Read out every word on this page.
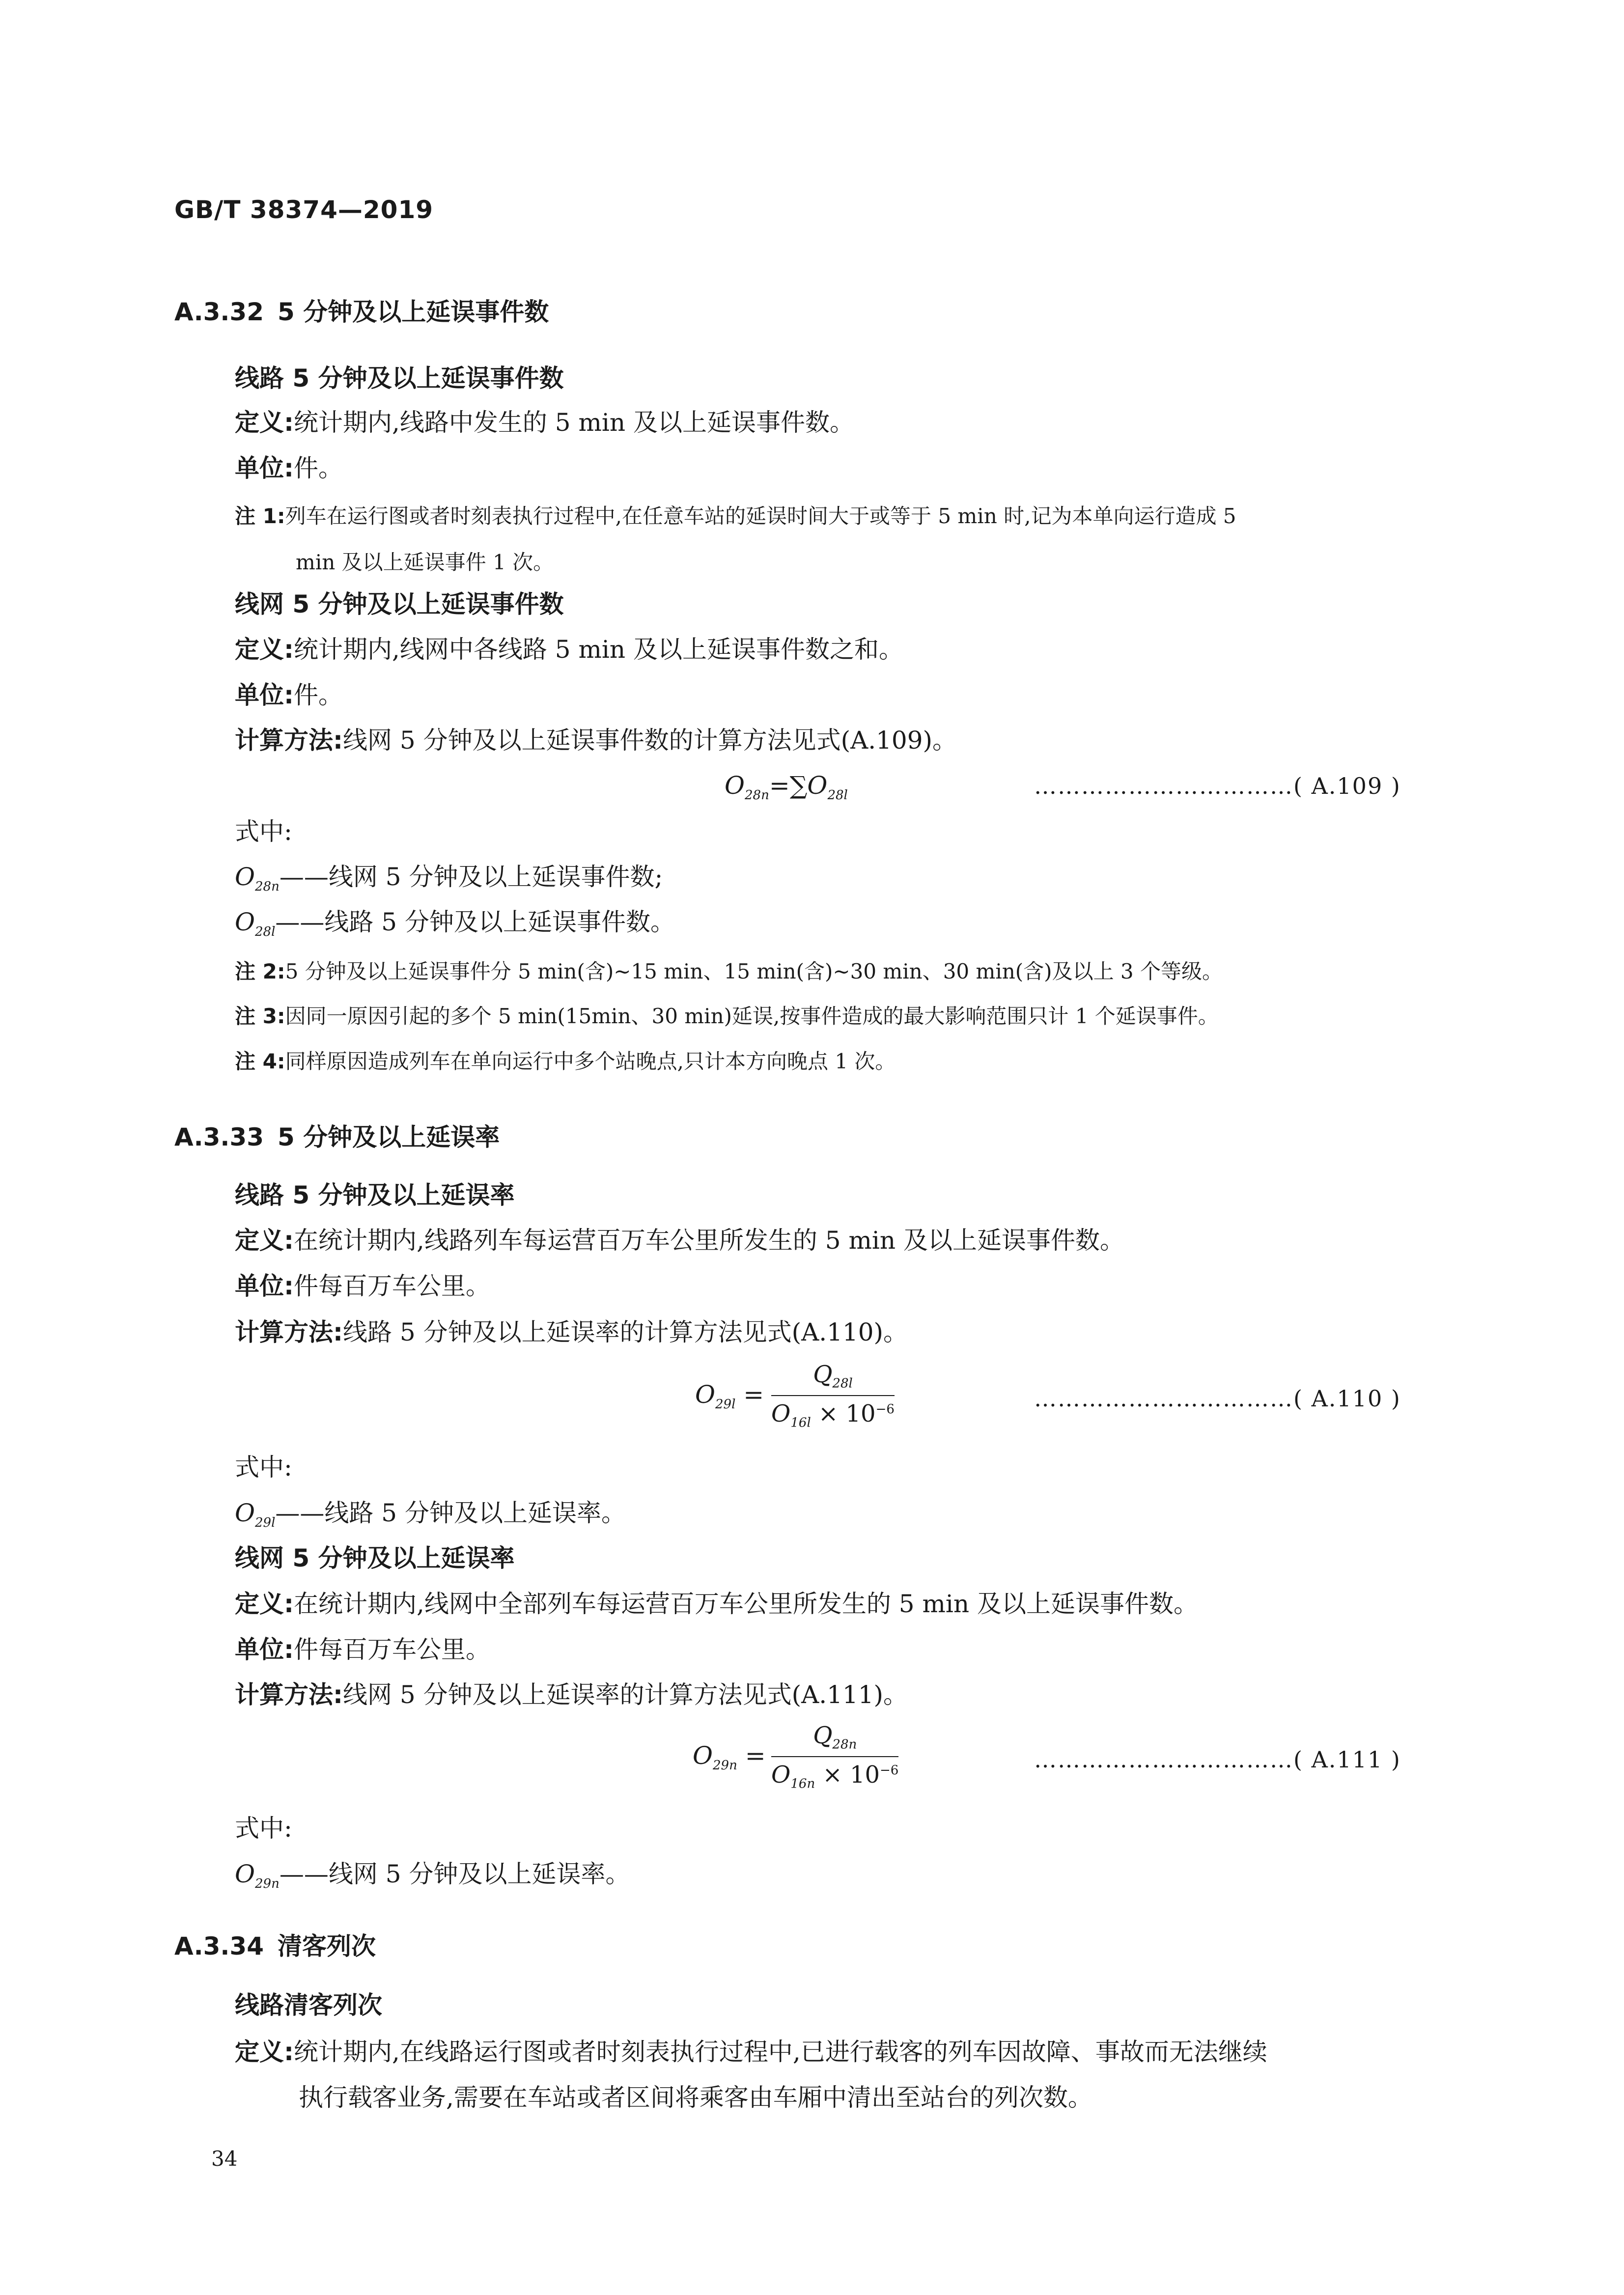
GB/T 38374—2019
A.3.32 5 分钟及以上延误事件数
线路 5 分钟及以上延误事件数
定义:统计期内,线路中发生的 5 min 及以上延误事件数。
单位:件。
注 1:列车在运行图或者时刻表执行过程中,在任意车站的延误时间大于或等于 5 min 时,记为本单向运行造成 5
min 及以上延误事件 1 次。
线网 5 分钟及以上延误事件数
定义:统计期内,线网中各线路 5 min 及以上延误事件数之和。
单位:件。
计算方法:线网 5 分钟及以上延误事件数的计算方法见式(A.109)。
$O_{28n}=\sum O_{28l}$	……………………………( A.109 )
式中:
$O_{28n}——$线网 5 分钟及以上延误事件数;
$O_{28l}——$线路 5 分钟及以上延误事件数。
注 2:5 分钟及以上延误事件分 5 min(含)~15 min、15 min(含)~30 min、30 min(含)及以上 3 个等级。
注 3:因同一原因引起的多个 5 min(15min、30 min)延误,按事件造成的最大影响范围只计 1 个延误事件。
注 4:同样原因造成列车在单向运行中多个站晚点,只计本方向晚点 1 次。
A.3.33 5 分钟及以上延误率
线路 5 分钟及以上延误率
定义:在统计期内,线路列车每运营百万车公里所发生的 5 min 及以上延误事件数。
单位:件每百万车公里。
计算方法:线路 5 分钟及以上延误率的计算方法见式(A.110)。
$O_{29l} = \frac{Q_{28l}}{O_{16l} \times 10^{-6}}$	……………………………( A.110 )
式中:
$O_{29l}——$线路 5 分钟及以上延误率。
线网 5 分钟及以上延误率
定义:在统计期内,线网中全部列车每运营百万车公里所发生的 5 min 及以上延误事件数。
单位:件每百万车公里。
计算方法:线网 5 分钟及以上延误率的计算方法见式(A.111)。
$O_{29n} = \frac{Q_{28n}}{O_{16n} \times 10^{-6}}$	……………………………( A.111 )
式中:
$O_{29n}——$线网 5 分钟及以上延误率。
A.3.34 清客列次
线路清客列次
定义:统计期内,在线路运行图或者时刻表执行过程中,已进行载客的列车因故障、事故而无法继续
执行载客业务,需要在车站或者区间将乘客由车厢中清出至站台的列次数。
34
